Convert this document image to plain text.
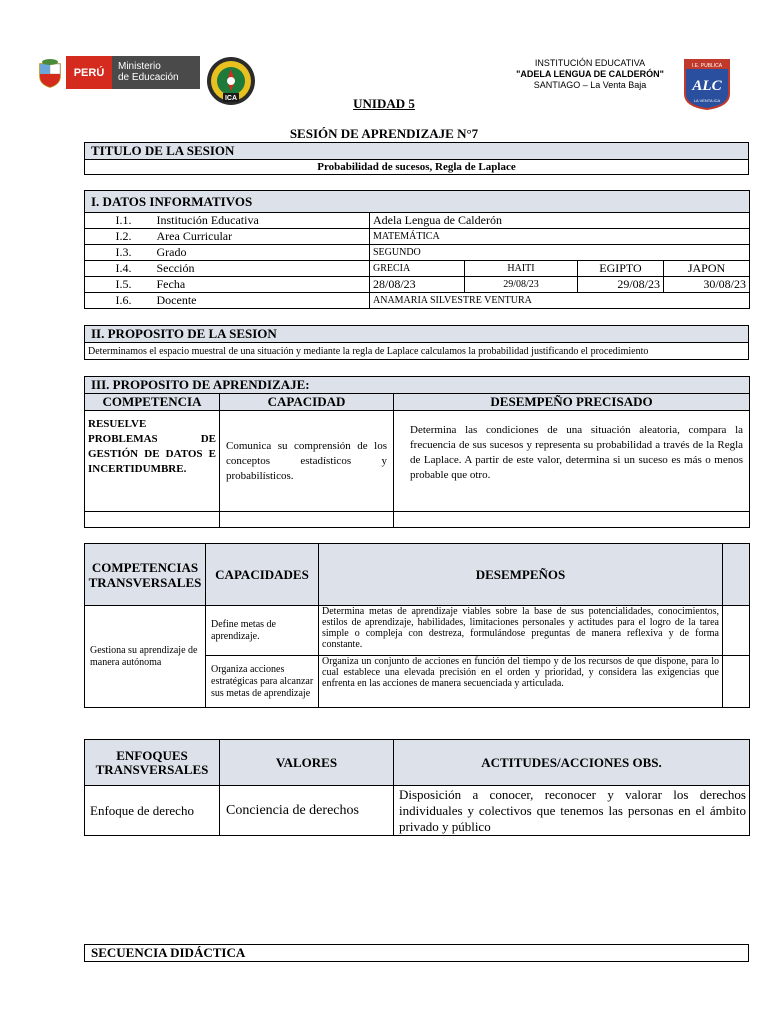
PERÚ	Ministerio
de Educación
ICA
INSTITUCIÓN EDUCATIVA
"ADELA LENGUA DE CALDERÓN"
SANTIAGO – La Venta Baja
I.E. PUBLICA
ALC
LA VENTA ICA
UNIDAD 5
SESIÓN DE APRENDIZAJE N°7
TITULO DE LA SESION
Probabilidad de sucesos, Regla de Laplace
I. DATOS INFORMATIVOS						
	I.1.	Institución Educativa	Adela Lengua de Calderón			
	I.2.	Area Curricular	MATEMÁTICA			
	I.3.	Grado	SEGUNDO			
	I.4.	Sección	GRECIA	HAITI	EGIPTO	JAPON
	I.5.	Fecha	28/08/23	29/08/23	29/08/23	30/08/23
	I.6.	Docente	ANAMARIA SILVESTRE VENTURA			
II. PROPOSITO DE LA SESION
Determinamos el espacio muestral de una situación y mediante la regla de Laplace calculamos la probabilidad justificando el procedimiento
III. PROPOSITO DE APRENDIZAJE:		
COMPETENCIA	CAPACIDAD	DESEMPEÑO PRECISADO
RESUELVE PROBLEMAS DE GESTIÓN DE DATOS E INCERTIDUMBRE.	Comunica su comprensión de los conceptos estadísticos y probabilísticos.	Determina las condiciones de una situación aleatoria, compara la frecuencia de sus sucesos y representa su probabilidad a través de la Regla de Laplace. A partir de este valor, determina si un suceso es más o menos probable que otro.

COMPETENCIAS TRANSVERSALES	CAPACIDADES	DESEMPEÑOS	
Gestiona su aprendizaje de manera autónoma	Define metas de aprendizaje.	Determina metas de aprendizaje viables sobre la base de sus potencialidades, conocimientos, estilos de aprendizaje, habilidades, limitaciones personales y actitudes para el logro de la tarea simple o compleja con destreza, formulándose preguntas de manera reflexiva y de forma constante.	
	Organiza acciones estratégicas para alcanzar sus metas de aprendizaje	Organiza un conjunto de acciones en función del tiempo y de los recursos de que dispone, para lo cual establece una elevada precisión en el orden y prioridad, y considera las exigencias que enfrenta en las acciones de manera secuenciada y articulada.	
ENFOQUES TRANSVERSALES	VALORES	ACTITUDES/ACCIONES OBS.
Enfoque de derecho	Conciencia de derechos	Disposición a conocer, reconocer y valorar los derechos individuales y colectivos que tenemos las personas en el ámbito privado y público
SECUENCIA DIDÁCTICA
